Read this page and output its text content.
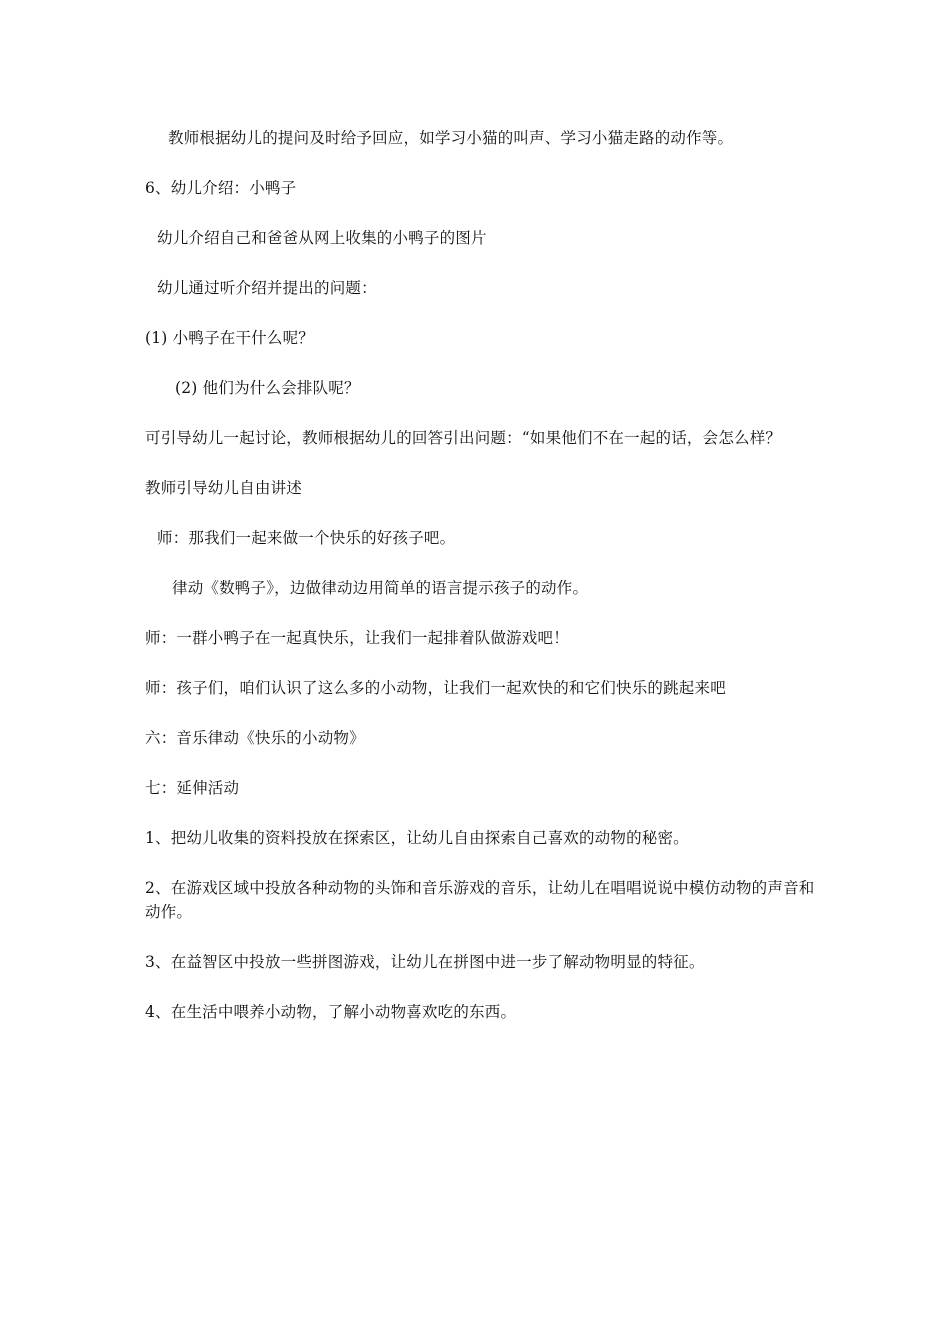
教师根据幼儿的提问及时给予回应，如学习小猫的叫声、学习小猫走路的动作等。
6、幼儿介绍：小鸭子
幼儿介绍自己和爸爸从网上收集的小鸭子的图片
幼儿通过听介绍并提出的问题：
(1) 小鸭子在干什么呢？
(2) 他们为什么会排队呢？
可引导幼儿一起讨论，教师根据幼儿的回答引出问题：“如果他们不在一起的话，会怎么样？
教师引导幼儿自由讲述
师：那我们一起来做一个快乐的好孩子吧。
律动《数鸭子》，边做律动边用简单的语言提示孩子的动作。
师：一群小鸭子在一起真快乐，让我们一起排着队做游戏吧！
师：孩子们，咱们认识了这么多的小动物，让我们一起欢快的和它们快乐的跳起来吧
六：音乐律动《快乐的小动物》
七：延伸活动
1、把幼儿收集的资料投放在探索区，让幼儿自由探索自己喜欢的动物的秘密。
2、在游戏区域中投放各种动物的头饰和音乐游戏的音乐，让幼儿在唱唱说说中模仿动物的声音和动作。
3、在益智区中投放一些拼图游戏，让幼儿在拼图中进一步了解动物明显的特征。
4、在生活中喂养小动物，了解小动物喜欢吃的东西。
